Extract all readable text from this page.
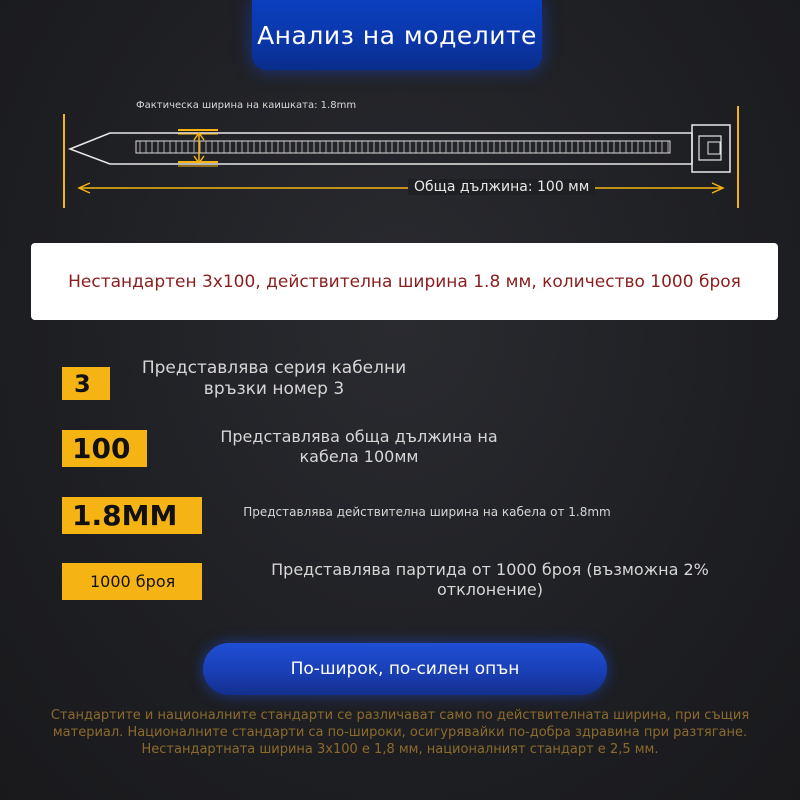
Анализ на моделите
Фактическа ширина на каишката: 1.8mm
Обща дължина: 100 мм
Нестандартен 3x100, действителна ширина 1.8 мм, количество 1000 броя
3
Представлява серия кабелни връзки номер 3
100	Представлява обща дължина на кабела 100мм
1.8MM	Представлява действителна ширина на кабела от 1.8mm
1000 броя
Представлява партида от 1000 броя (възможна 2% отклонение)
По-широк, по-силен опън
Стандартите и националните стандарти се различават само по действителната ширина, при същия материал. Националните стандарти са по-широки, осигурявайки по-добра здравина при разтягане. Нестандартната ширина 3x100 е 1,8 мм, националният стандарт е 2,5 мм.
